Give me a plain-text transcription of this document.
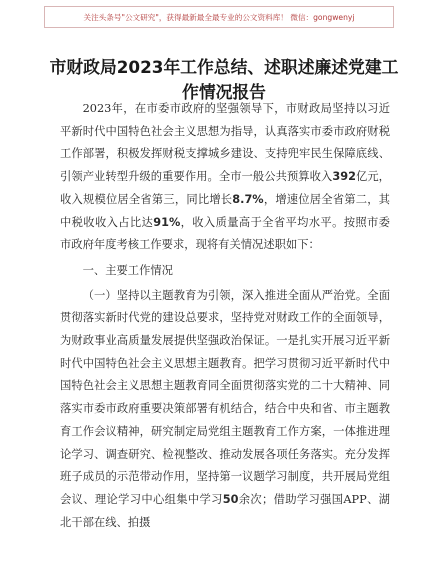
关注头条号"公文研究"，获得最新最全最专业的公文资料库！ 微信：gongwenyj
市财政局2023年工作总结、述职述廉述党建工作情况报告

2023年，在市委市政府的坚强领导下，市财政局坚持以习近平新时代中国特色社会主义思想为指导，认真落实市委市政府财税工作部署，积极发挥财税支撑城乡建设、支持兜牢民生保障底线、引领产业转型升级的重要作用。全市一般公共预算收入392亿元，收入规模位居全省第三，同比增长8.7%，增速位居全省第二，其中税收收入占比达91%，收入质量高于全省平均水平。按照市委市政府年度考核工作要求，现将有关情况述职如下：

一、主要工作情况

（一）坚持以主题教育为引领，深入推进全面从严治党。全面贯彻落实新时代党的建设总要求，坚持党对财政工作的全面领导，为财政事业高质量发展提供坚强政治保证。一是扎实开展习近平新时代中国特色社会主义思想主题教育。把学习贯彻习近平新时代中国特色社会主义思想主题教育同全面贯彻落实党的二十大精神、同落实市委市政府重要决策部署有机结合，结合中央和省、市主题教育工作会议精神，研究制定局党组主题教育工作方案，一体推进理论学习、调查研究、检视整改、推动发展各项任务落实。充分发挥班子成员的示范带动作用，坚持第一议题学习制度，共开展局党组会议、理论学习中心组集中学习50余次；借助学习强国APP、湖北干部在线、拍摄
